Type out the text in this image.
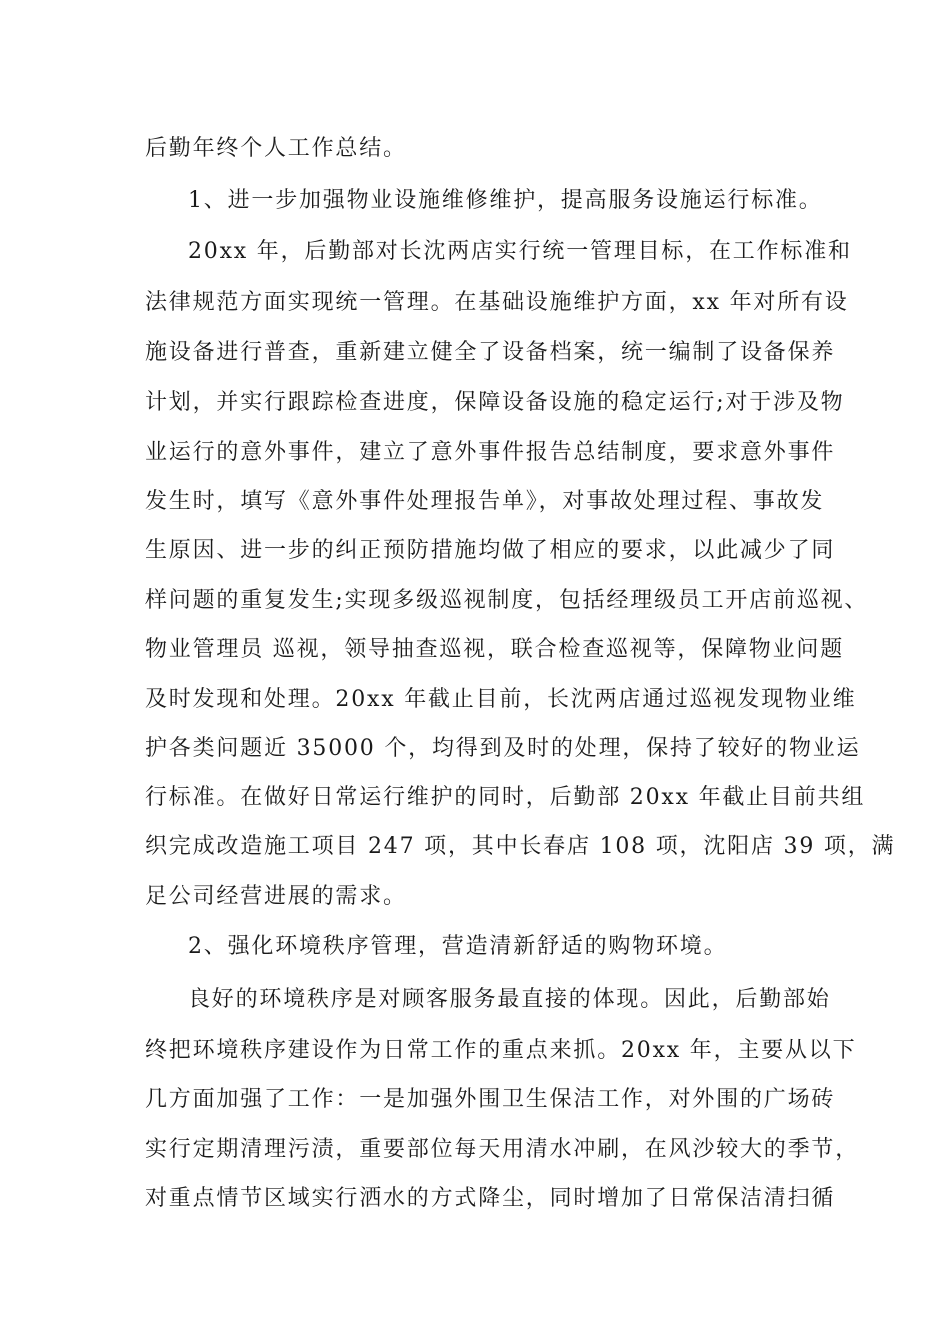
后勤年终个人工作总结。
1、进一步加强物业设施维修维护，提高服务设施运行标准。
20xx 年，后勤部对长沈两店实行统一管理目标，在工作标准和
法律规范方面实现统一管理。在基础设施维护方面，xx 年对所有设
施设备进行普查，重新建立健全了设备档案，统一编制了设备保养
计划，并实行跟踪检查进度，保障设备设施的稳定运行;对于涉及物
业运行的意外事件，建立了意外事件报告总结制度，要求意外事件
发生时，填写《意外事件处理报告单》，对事故处理过程、事故发
生原因、进一步的纠正预防措施均做了相应的要求，以此减少了同
样问题的重复发生;实现多级巡视制度，包括经理级员工开店前巡视、
物业管理员 巡视，领导抽查巡视，联合检查巡视等，保障物业问题
及时发现和处理。20xx 年截止目前，长沈两店通过巡视发现物业维
护各类问题近 35000 个，均得到及时的处理，保持了较好的物业运
行标准。在做好日常运行维护的同时，后勤部 20xx 年截止目前共组
织完成改造施工项目 247 项，其中长春店 108 项，沈阳店 39 项，满
足公司经营进展的需求。
2、强化环境秩序管理，营造清新舒适的购物环境。
良好的环境秩序是对顾客服务最直接的体现。因此，后勤部始
终把环境秩序建设作为日常工作的重点来抓。20xx 年，主要从以下
几方面加强了工作：一是加强外围卫生保洁工作，对外围的广场砖
实行定期清理污渍，重要部位每天用清水冲刷，在风沙较大的季节，
对重点情节区域实行洒水的方式降尘，同时增加了日常保洁清扫循
